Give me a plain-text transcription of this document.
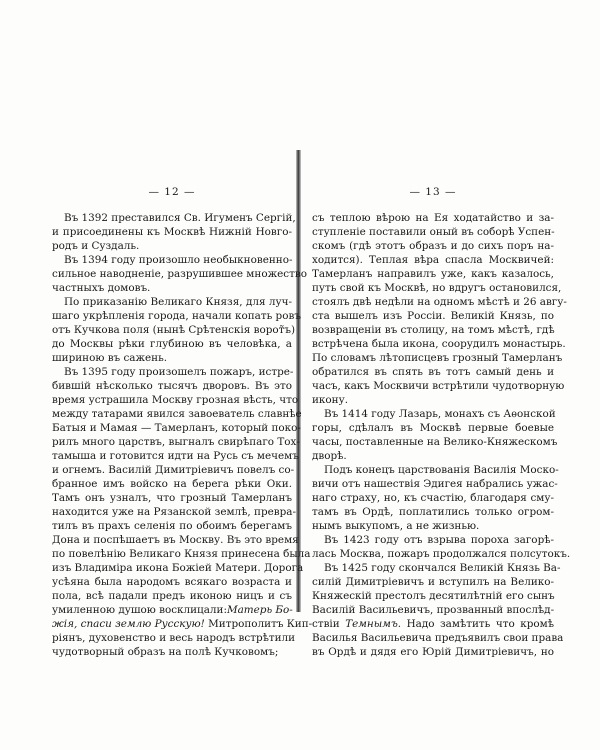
— 12 —
Въ 1392 преставился Св. Игуменъ Сергій,
и присоединены къ Москвѣ Нижній Новго-
родъ и Суздаль.
Въ 1394 году произошло необыкновенно-
сильное наводненіе, разрушившее множество
частныхъ домовъ.
По приказанію Великаго Князя, для луч-
шаго укрѣпленія города, начали копать ровъ
отъ Кучкова поля (нынѣ Срѣтенскія ворот̃ъ)
до Москвы рѣки глубиною въ человѣка, а
шириною въ сажень.
Въ 1395 году произошелъ пожаръ, истре-
бившій нѣсколько тысячъ дворовъ. Въ это
время устрашила Москву грозная вѣсть, что
между татарами явился завоеватель славнѣе
Батыя и Мамая — Тамерланъ, который поко-
рилъ много царствъ, выгналъ свирѣпаго Тох-
тамыша и готовится идти на Русь съ мечемъ
и огнемъ. Василій Димитріевичъ повелъ со-
бранное имъ войско на берега рѣки Оки.
Тамъ онъ узналъ, что грозный Тамерланъ
находится уже на Рязанской землѣ, превра-
тилъ въ прахъ селенія по обоимъ берегамъ
Дона и поспѣшаетъ въ Москву. Въ это время
по повелѣнію Великаго Князя принесена была
изъ Владиміра икона Божіей Матери. Дорога
усѣяна была народомъ всякаго возраста и
пола, всѣ падали предъ иконою ницъ и съ
умиленною душою восклицали:Матерь Бо-
жія, спаси землю Русскую! Митрополитъ Кип-
ріянъ, духовенство и весь народъ встрѣтили
чудотворный образъ на полѣ Кучковомъ;
— 13 —
съ теплою вѣрою на Ея ходатайство и за-
ступленіе поставили оный въ соборѣ Успен-
скомъ (гдѣ этотъ образъ и до сихъ поръ на-
ходится). Теплая вѣра спасла Москвичей:
Тамерланъ направилъ уже, какъ казалось,
путь свой къ Москвѣ, но вдругъ остановился,
стоялъ двѣ недѣли на одномъ мѣстѣ и 26 авгу-
ста вышелъ изъ Россіи. Великій Князь, по
возвращеніи въ столицу, на томъ мѣстѣ, гдѣ
встрѣчена была икона, соорудилъ монастырь.
По словамъ лѣтописцевъ грозный Тамерланъ
обратился въ спять въ тотъ самый день и
часъ, какъ Москвичи встрѣтили чудотворную
икону.
Въ 1414 году Лазарь, монахъ съ Аѳонской
горы, сдѣлалъ въ Москвѣ первые боевые
часы, поставленные на Велико-Княжескомъ
дворѣ.
Подъ конецъ царствованія Василія Моско-
вичи отъ нашествія Эдигея набрались ужас-
наго страху, но, къ счастію, благодаря сму-
тамъ въ Ордѣ, поплатились только огром-
нымъ выкупомъ, а не жизнью.
Въ 1423 году отъ взрыва пороха загорѣ-
лась Москва, пожаръ продолжался полсутокъ.
Въ 1425 году скончался Великій Князь Ва-
силій Димитріевичъ и вступилъ на Велико-
Княжескій престолъ десятилѣтній его сынъ
Василій Васильевичъ, прозванный впослѣд-
ствіи Темнымъ. Надо замѣтить что кромѣ
Василья Васильевича предъявилъ свои права
въ Ордѣ и дядя его Юрій Димитріевичъ, но
